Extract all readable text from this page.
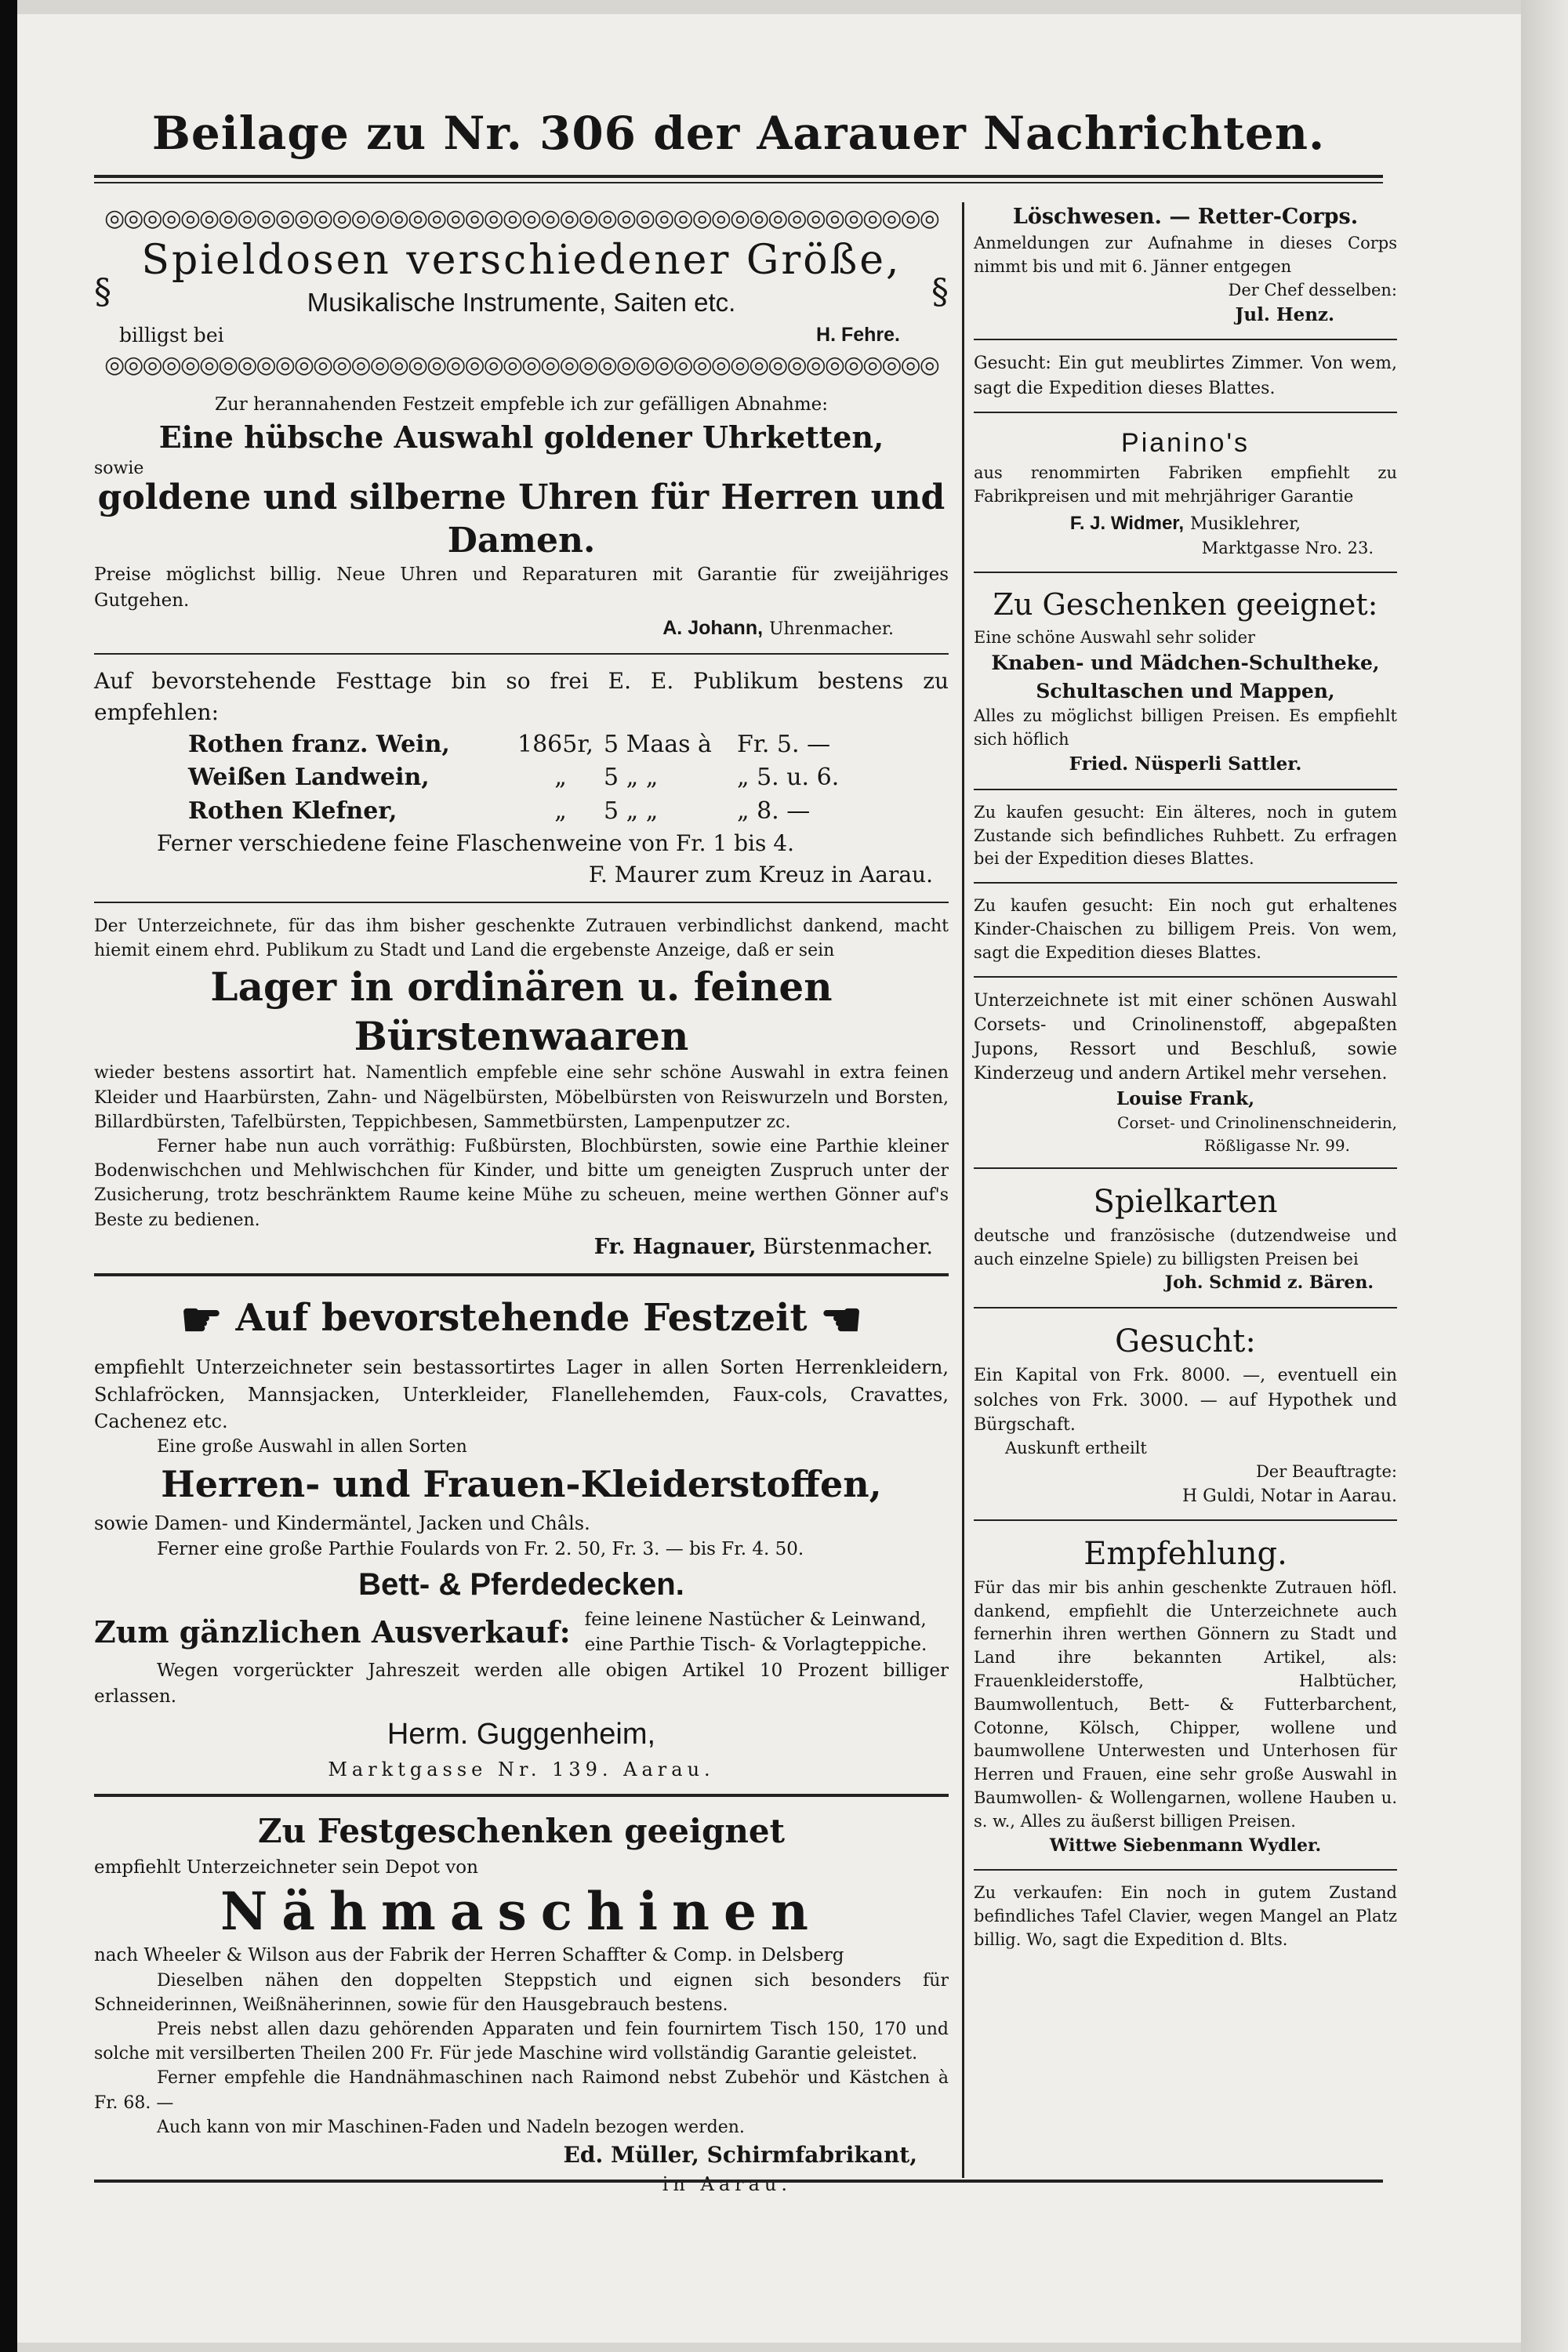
Beilage zu Nr. 306 der Aarauer Nachrichten.
◎◎◎◎◎◎◎◎◎◎◎◎◎◎◎◎◎◎◎◎◎◎◎◎◎◎◎◎◎◎◎◎◎◎◎◎◎◎◎◎◎◎◎◎
§
Spieldosen verschiedener Größe,
Musikalische Instrumente, Saiten etc.
billigst bei	H. Fehre.
§
◎◎◎◎◎◎◎◎◎◎◎◎◎◎◎◎◎◎◎◎◎◎◎◎◎◎◎◎◎◎◎◎◎◎◎◎◎◎◎◎◎◎◎◎
Zur herannahenden Festzeit empfeble ich zur gefälligen Abnahme:
Eine hübsche Auswahl goldener Uhrketten,
sowie
goldene und silberne Uhren für Herren und Damen.
Preise möglichst billig. Neue Uhren und Reparaturen mit Garantie für zweijähriges Gutgehen.
A. Johann, Uhrenmacher.
Auf bevorstehende Festtage bin so frei E. E. Publikum bestens zu empfehlen:
Rothen franz. Wein,	1865r, 5 Maas à	Fr. 5. —
Weißen Landwein,	„	5 „ „	„ 5. u. 6.
Rothen Klefner,	„	5 „ „	„ 8. —
Ferner verschiedene feine Flaschenweine von Fr. 1 bis 4.
F. Maurer zum Kreuz in Aarau.
Der Unterzeichnete, für das ihm bisher geschenkte Zutrauen verbindlichst dankend, macht hiemit einem ehrd. Publikum zu Stadt und Land die ergebenste Anzeige, daß er sein
Lager in ordinären u. feinen Bürstenwaaren
wieder bestens assortirt hat. Namentlich empfeble eine sehr schöne Auswahl in extra feinen Kleider und Haarbürsten, Zahn- und Nägelbürsten, Möbelbürsten von Reiswurzeln und Borsten, Billardbürsten, Tafelbürsten, Teppichbesen, Sammetbürsten, Lampenputzer zc.
Ferner habe nun auch vorräthig: Fußbürsten, Blochbürsten, sowie eine Parthie kleiner Bodenwischchen und Mehlwischchen für Kinder, und bitte um geneigten Zuspruch unter der Zusicherung, trotz beschränktem Raume keine Mühe zu scheuen, meine werthen Gönner auf's Beste zu bedienen.
Fr. Hagnauer, Bürstenmacher.
☛ Auf bevorstehende Festzeit ☚
empfiehlt Unterzeichneter sein bestassortirtes Lager in allen Sorten Herrenkleidern, Schlafröcken, Mannsjacken, Unterkleider, Flanellehemden, Faux-cols, Cravattes, Cachenez etc.
Eine große Auswahl in allen Sorten
Herren- und Frauen-Kleiderstoffen,
sowie Damen- und Kindermäntel, Jacken und Châls.
Ferner eine große Parthie Foulards von Fr. 2. 50, Fr. 3. — bis Fr. 4. 50.
Bett- & Pferdedecken.
Zum gänzlichen Ausverkauf: feine leinene Nastücher & Leinwand,
eine Parthie Tisch- & Vorlagteppiche.
Wegen vorgerückter Jahreszeit werden alle obigen Artikel 10 Prozent billiger erlassen.
Herm. Guggenheim,
Marktgasse Nr. 139. Aarau.
Zu Festgeschenken geeignet
empfiehlt Unterzeichneter sein Depot von
Nähmaschinen
nach Wheeler & Wilson aus der Fabrik der Herren Schaffter & Comp. in Delsberg
Dieselben nähen den doppelten Steppstich und eignen sich besonders für Schneiderinnen, Weißnäherinnen, sowie für den Hausgebrauch bestens.
Preis nebst allen dazu gehörenden Apparaten und fein fournirtem Tisch 150, 170 und solche mit versilberten Theilen 200 Fr. Für jede Maschine wird vollständig Garantie geleistet.
Ferner empfehle die Handnähmaschinen nach Raimond nebst Zubehör und Kästchen à Fr. 68. —
Auch kann von mir Maschinen-Faden und Nadeln bezogen werden.
Ed. Müller, Schirmfabrikant,
in Aarau.
Löschwesen. — Retter-Corps.
Anmeldungen zur Aufnahme in dieses Corps nimmt bis und mit 6. Jänner entgegen
Der Chef desselben:
Jul. Henz.
Gesucht: Ein gut meublirtes Zimmer. Von wem, sagt die Expedition dieses Blattes.
Pianino's
aus renommirten Fabriken empfiehlt zu Fabrikpreisen und mit mehrjähriger Garantie
F. J. Widmer, Musiklehrer,
Marktgasse Nro. 23.
Zu Geschenken geeignet:
Eine schöne Auswahl sehr solider
Knaben- und Mädchen-Schultheke,
Schultaschen und Mappen,
Alles zu möglichst billigen Preisen. Es empfiehlt sich höflich
Fried. Nüsperli Sattler.
Zu kaufen gesucht: Ein älteres, noch in gutem Zustande sich befindliches Ruhbett. Zu erfragen bei der Expedition dieses Blattes.
Zu kaufen gesucht: Ein noch gut erhaltenes Kinder-Chaischen zu billigem Preis. Von wem, sagt die Expedition dieses Blattes.
Unterzeichnete ist mit einer schönen Auswahl Corsets- und Crinolinenstoff, abgepaßten Jupons, Ressort und Beschluß, sowie Kinderzeug und andern Artikel mehr versehen.
Louise Frank,
Corset- und Crinolinenschneiderin,
Rößligasse Nr. 99.
Spielkarten
deutsche und französische (dutzendweise und auch einzelne Spiele) zu billigsten Preisen bei
Joh. Schmid z. Bären.
Gesucht:
Ein Kapital von Frk. 8000. —, eventuell ein solches von Frk. 3000. — auf Hypothek und Bürgschaft.
Auskunft ertheilt
Der Beauftragte:
H Guldi, Notar in Aarau.
Empfehlung.
Für das mir bis anhin geschenkte Zutrauen höfl. dankend, empfiehlt die Unterzeichnete auch fernerhin ihren werthen Gönnern zu Stadt und Land ihre bekannten Artikel, als: Frauenkleiderstoffe, Halbtücher, Baumwollentuch, Bett- & Futterbarchent, Cotonne, Kölsch, Chipper, wollene und baumwollene Unterwesten und Unterhosen für Herren und Frauen, eine sehr große Auswahl in Baumwollen- & Wollengarnen, wollene Hauben u. s. w., Alles zu äußerst billigen Preisen.
Wittwe Siebenmann Wydler.
Zu verkaufen: Ein noch in gutem Zustand befindliches Tafel Clavier, wegen Mangel an Platz billig. Wo, sagt die Expedition d. Blts.
